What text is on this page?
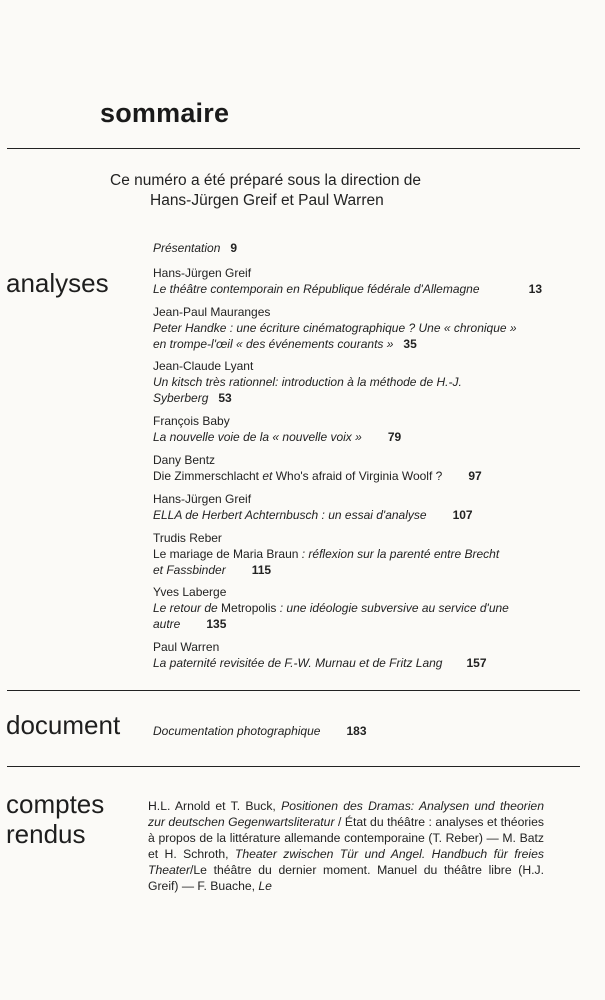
sommaire
Ce numéro a été préparé sous la direction de
Hans-Jürgen Greif et Paul Warren
analyses
Présentation 9
Hans-Jürgen Greif
Le théâtre contemporain en République fédérale d'Allemagne	13
Jean-Paul Mauranges
Peter Handke : une écriture cinématographique ? Une « chronique »
en trompe-l'œil « des événements courants » 35
Jean-Claude Lyant
Un kitsch très rationnel: introduction à la méthode de H.-J.
Syberberg 53
François Baby
La nouvelle voie de la « nouvelle voix » 79
Dany Bentz
Die Zimmerschlacht et Who's afraid of Virginia Woolf ? 97
Hans-Jürgen Greif
ELLA de Herbert Achternbusch : un essai d'analyse 107
Trudis Reber
Le mariage de Maria Braun : réflexion sur la parenté entre Brecht
et Fassbinder 115
Yves Laberge
Le retour de Metropolis : une idéologie subversive au service d'une
autre 135
Paul Warren
La paternité revisitée de F.-W. Murnau et de Fritz Lang 157
document	Documentation photographique 183
comptes
rendus
H.L. Arnold et T. Buck, Positionen des Dramas: Analysen und theorien zur deutschen Gegenwartsliteratur / État du théâtre : analyses et théories à propos de la littérature allemande contemporaine (T. Reber) — M. Batz et H. Schroth, Theater zwischen Tür und Angel. Handbuch für freies Theater/Le théâtre du dernier moment. Manuel du théâtre libre (H.J. Greif) — F. Buache, Le
